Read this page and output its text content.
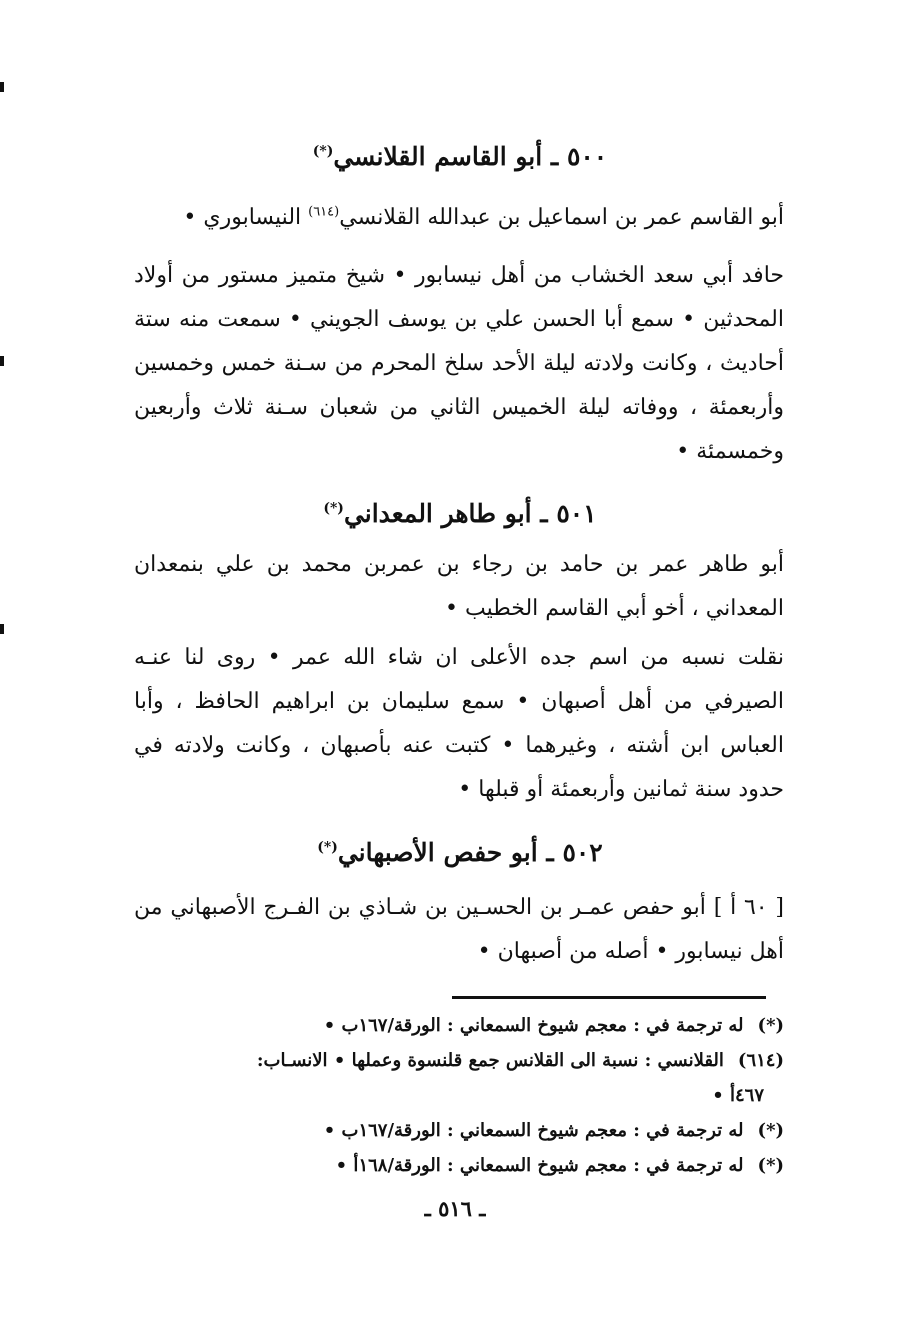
٥٠٠ ـ أبو القاسم القلانسي(*)
أبو القاسم عمر بن اسماعيل بن عبدالله القلانسي$^{(٦١٤)}$ النيسابوري •
حافد أبي سعد الخشاب من أهل نيسابور • شيخ متميز مستور من أولاد المحدثين • سمع أبا الحسن علي بن يوسف الجويني • سمعت منه ستة أحاديث ، وكانت ولادته ليلة الأحد سلخ المحرم من سـنة خمس وخمسين وأربعمئة ، ووفاته ليلة الخميس الثاني من شعبان سـنة ثلاث وأربعين وخمسمئة •
٥٠١ ـ أبو طاهر المعداني(*)
أبو طاهر عمر بن حامد بن رجاء بن عمربن محمد بن علي بنمعدان المعداني ، أخو أبي القاسم الخطيب •
نقلت نسبه من اسم جده الأعلى ان شاء الله عمر • روى لنا عنـه الصيرفي من أهل أصبهان • سمع سليمان بن ابراهيم الحافظ ، وأبا العباس ابن أشته ، وغيرهما • كتبت عنه بأصبهان ، وكانت ولادته في حدود سنة ثمانين وأربعمئة أو قبلها •
٥٠٢ ـ أبو حفص الأصبهاني(*)
[ ٦٠ أ ] أبو حفص عمـر بن الحسـين بن شـاذي بن الفـرج الأصبهاني من أهل نيسابور • أصله من أصبهان •
(*)له ترجمة في : معجم شيوخ السمعاني : الورقة/١٦٧ب •
(٦١٤)القلانسي : نسبة الى القلانس جمع قلنسوة وعملها • الانسـاب:
٤٦٧أ •
(*)له ترجمة في : معجم شيوخ السمعاني : الورقة/١٦٧ب •
(*)له ترجمة في : معجم شيوخ السمعاني : الورقة/١٦٨أ •
ـ ٥١٦ ـ
